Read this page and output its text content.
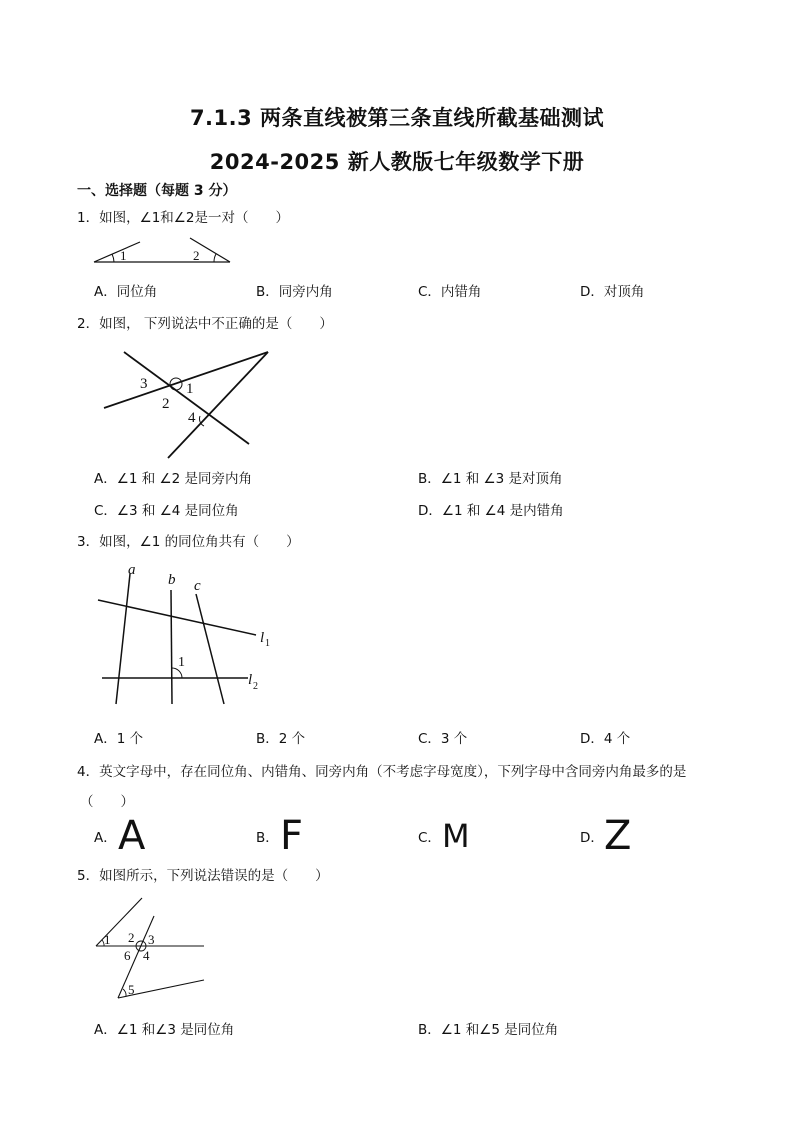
7.1.3 两条直线被第三条直线所截基础测试
2024-2025 新人教版七年级数学下册
一、选择题（每题 3 分）
1．如图，∠1和∠2是一对（　　）
1	2
A．同位角	B．同旁内角	C．内错角	D．对顶角
2．如图， 下列说法中不正确的是（　　）
3	1
2
4
A．∠1 和 ∠2 是同旁内角	B．∠1 和 ∠3 是对顶角
C．∠3 和 ∠4 是同位角	D．∠1 和 ∠4 是内错角
3．如图，∠1 的同位角共有（　　）
a
b c
l 1
1
l 2
A．1 个	B．2 个	C．3 个	D．4 个
4．英文字母中，存在同位角、内错角、同旁内角（不考虑字母宽度），下列字母中含同旁内角最多的是
（　　）
A． A	B． F	C． M	D． Z
5．如图所示，下列说法错误的是（　　）
1 2 3
6 4
5
A．∠1 和∠3 是同位角	B．∠1 和∠5 是同位角
